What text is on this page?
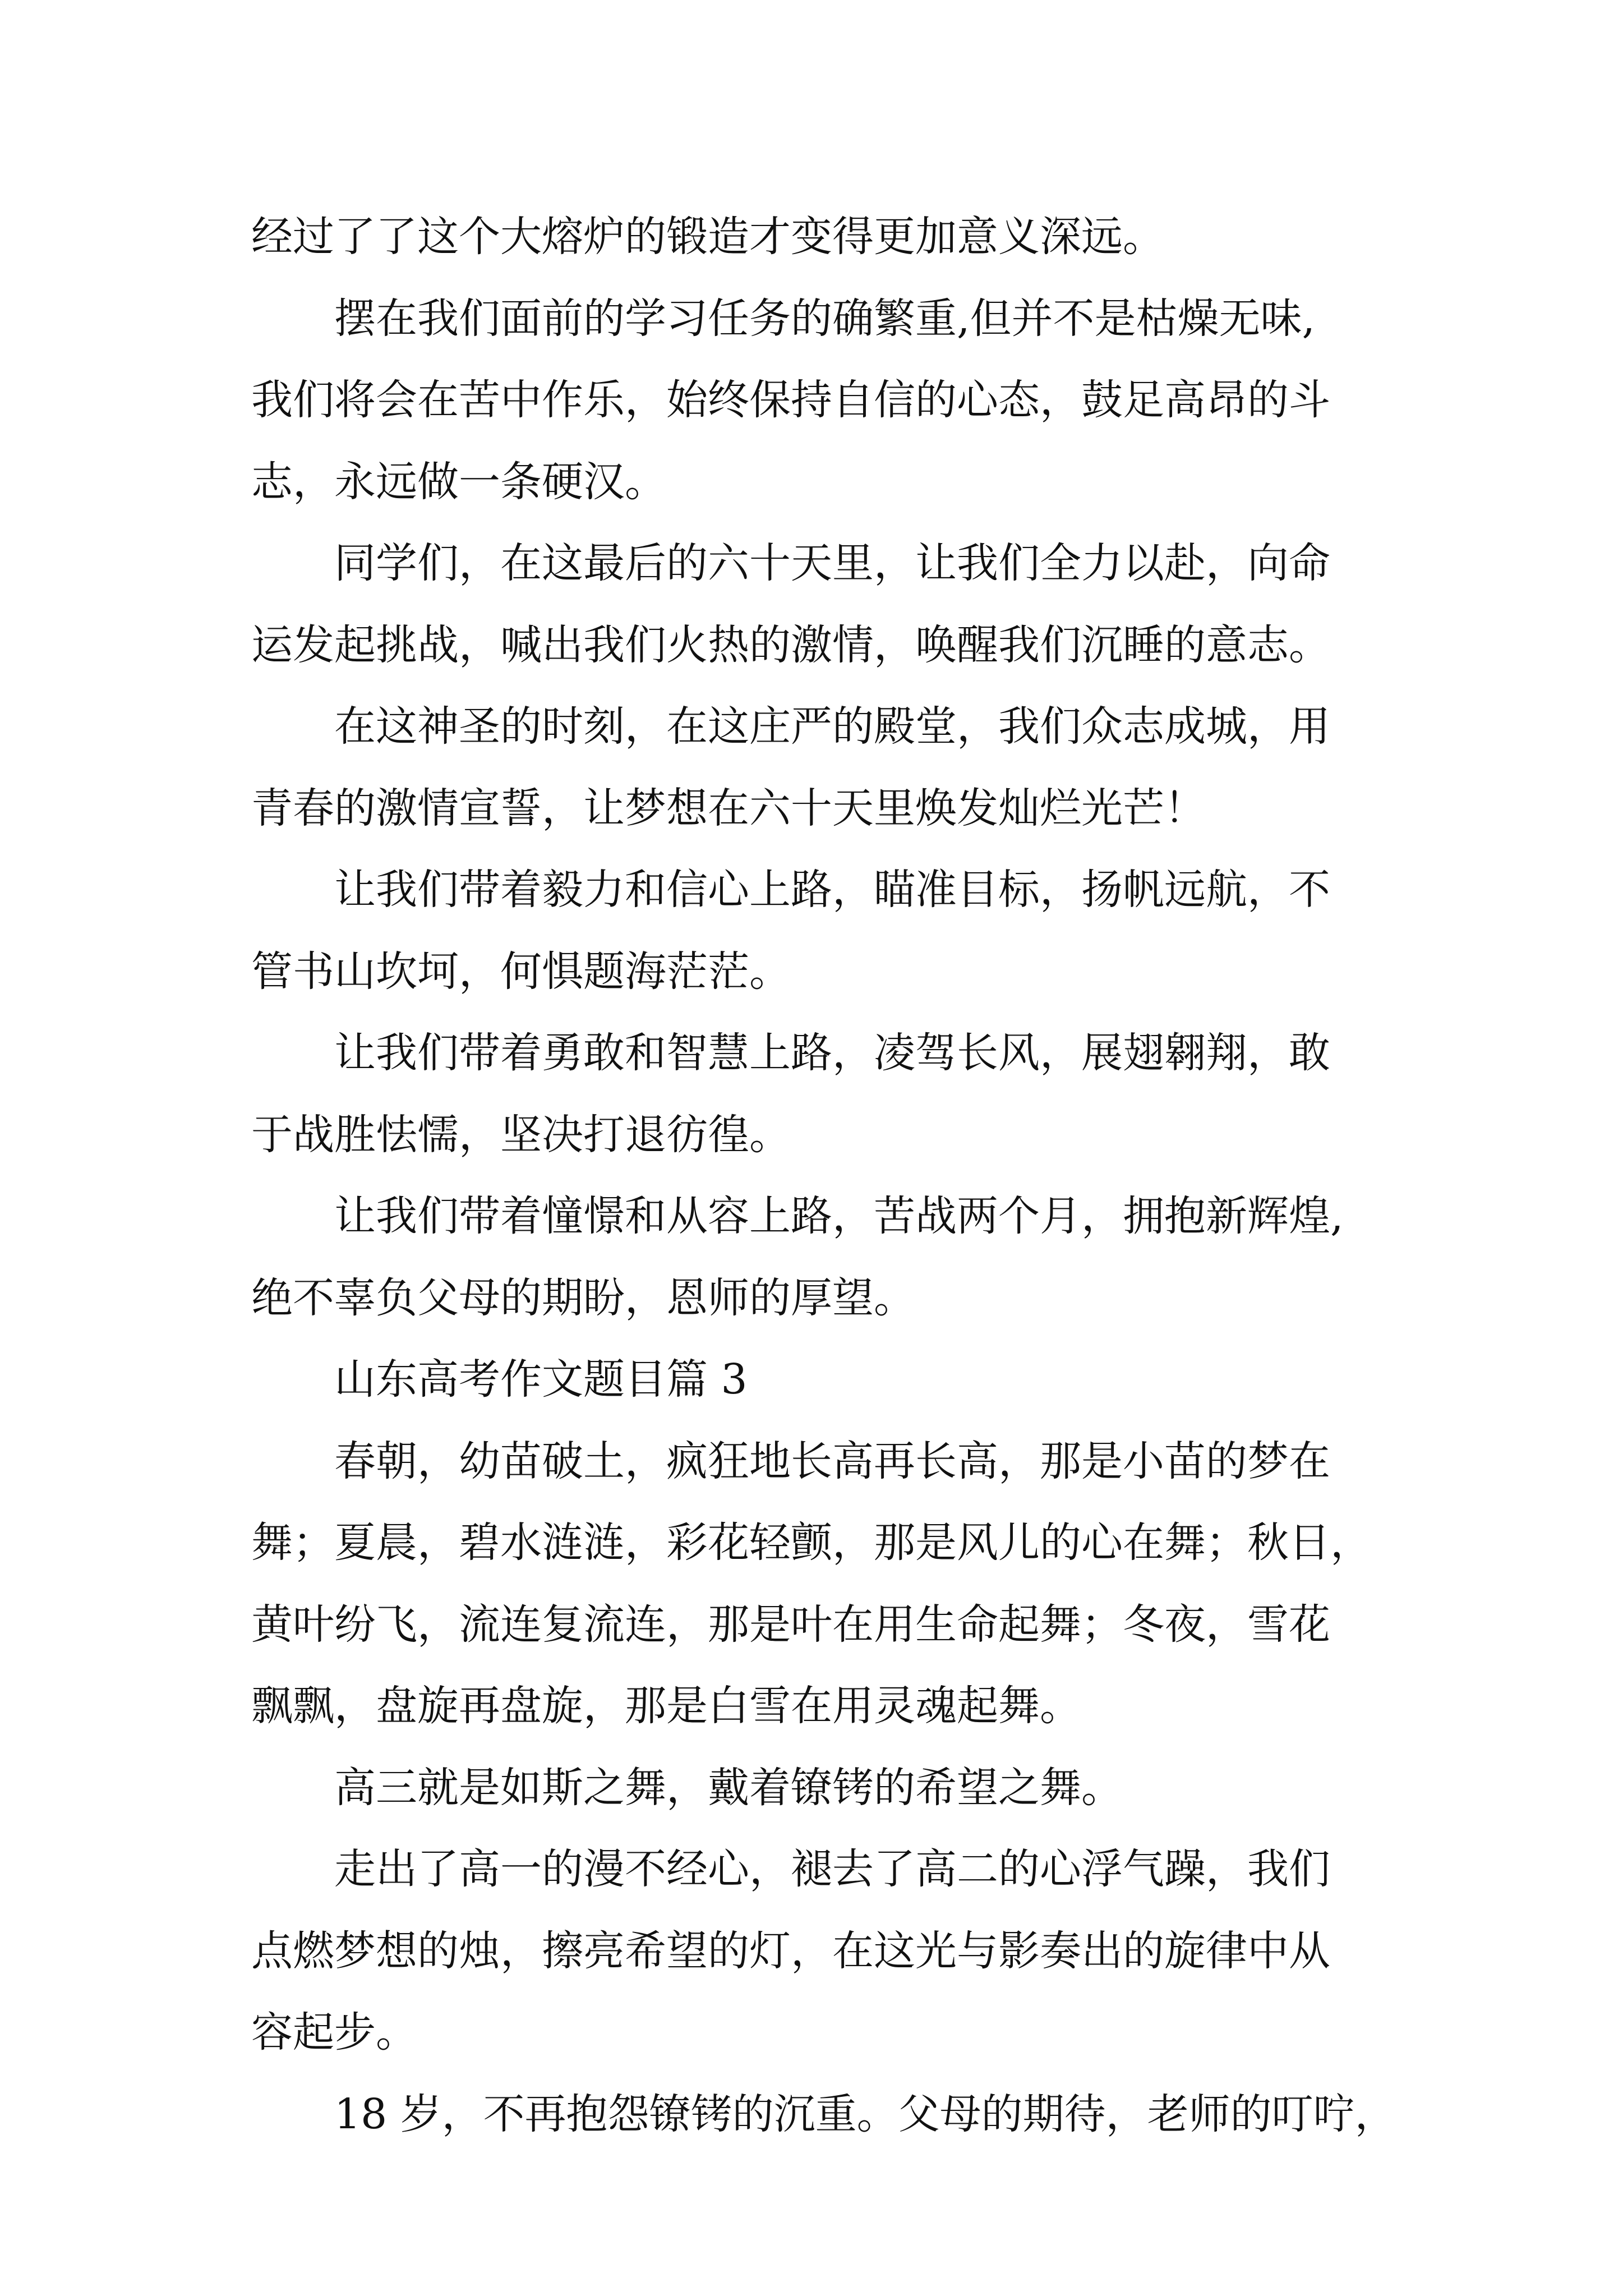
经过了了这个大熔炉的锻造才变得更加意义深远。
摆在我们面前的学习任务的确繁重,但并不是枯燥无味,
我们将会在苦中作乐，始终保持自信的心态，鼓足高昂的斗
志，永远做一条硬汉。
同学们，在这最后的六十天里，让我们全力以赴，向命
运发起挑战，喊出我们火热的激情，唤醒我们沉睡的意志。
在这神圣的时刻，在这庄严的殿堂，我们众志成城，用
青春的激情宣誓，让梦想在六十天里焕发灿烂光芒！
让我们带着毅力和信心上路，瞄准目标，扬帆远航，不
管书山坎坷，何惧题海茫茫。
让我们带着勇敢和智慧上路，凌驾长风，展翅翱翔，敢
于战胜怯懦，坚决打退彷徨。
让我们带着憧憬和从容上路，苦战两个月，拥抱新辉煌,
绝不辜负父母的期盼，恩师的厚望。
山东高考作文题目篇 3
春朝，幼苗破土，疯狂地长高再长高，那是小苗的梦在
舞；夏晨，碧水涟涟，彩花轻颤，那是风儿的心在舞；秋日，
黄叶纷飞，流连复流连，那是叶在用生命起舞；冬夜，雪花
飘飘，盘旋再盘旋，那是白雪在用灵魂起舞。
高三就是如斯之舞，戴着镣铐的希望之舞。
走出了高一的漫不经心，褪去了高二的心浮气躁，我们
点燃梦想的烛，擦亮希望的灯，在这光与影奏出的旋律中从
容起步。
18 岁，不再抱怨镣铐的沉重。父母的期待，老师的叮咛，
